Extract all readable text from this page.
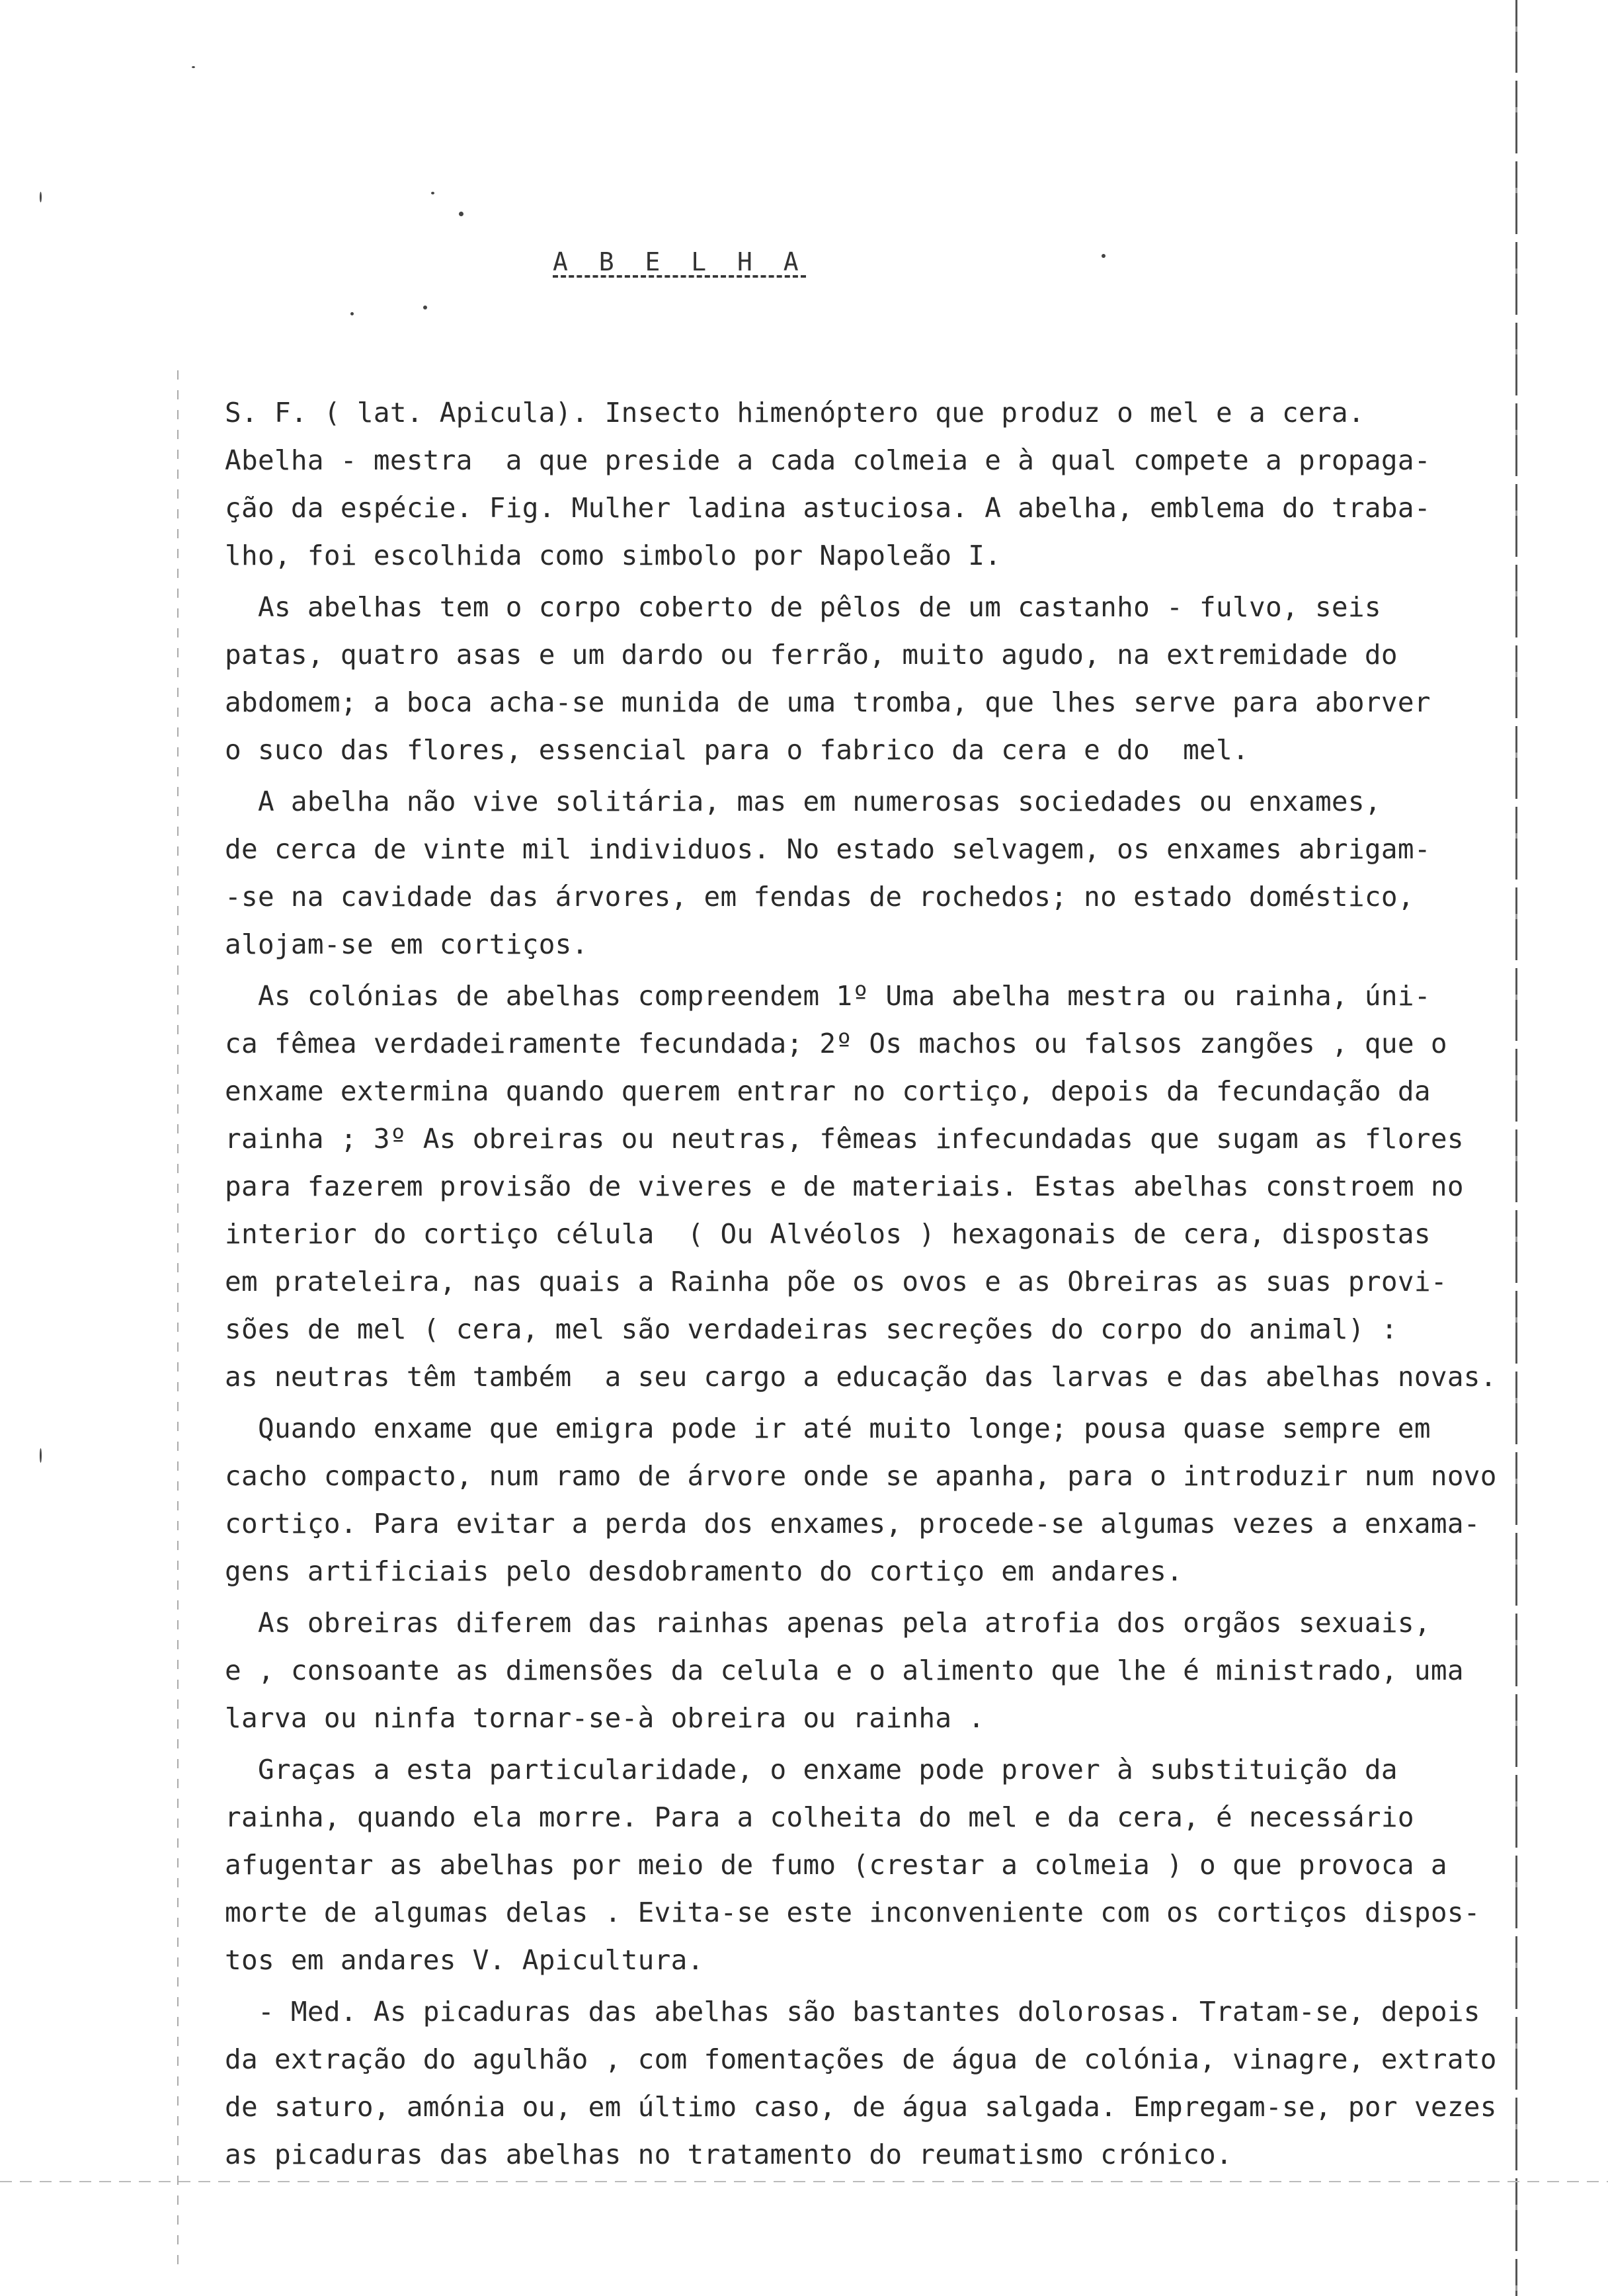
A B E L H A
S. F. ( lat. Apicula). Insecto himenóptero que produz o mel e a cera.
Abelha - mestra  a que preside a cada colmeia e à qual compete a propaga-
ção da espécie. Fig. Mulher ladina astuciosa. A abelha, emblema do traba-
lho, foi escolhida como simbolo por Napoleão I.
As abelhas tem o corpo coberto de pêlos de um castanho - fulvo, seis
patas, quatro asas e um dardo ou ferrão, muito agudo, na extremidade do
abdomem; a boca acha-se munida de uma tromba, que lhes serve para aborver
o suco das flores, essencial para o fabrico da cera e do  mel.
A abelha não vive solitária, mas em numerosas sociedades ou enxames,
de cerca de vinte mil individuos. No estado selvagem, os enxames abrigam-
-se na cavidade das árvores, em fendas de rochedos; no estado doméstico,
alojam-se em cortiços.
As colónias de abelhas compreendem 1º Uma abelha mestra ou rainha, úni-
ca fêmea verdadeiramente fecundada; 2º Os machos ou falsos zangões , que o
enxame extermina quando querem entrar no cortiço, depois da fecundação da
rainha ; 3º As obreiras ou neutras, fêmeas infecundadas que sugam as flores
para fazerem provisão de viveres e de materiais. Estas abelhas constroem no
interior do cortiço célula  ( Ou Alvéolos ) hexagonais de cera, dispostas
em prateleira, nas quais a Rainha põe os ovos e as Obreiras as suas provi-
sões de mel ( cera, mel são verdadeiras secreções do corpo do animal) :
as neutras têm também  a seu cargo a educação das larvas e das abelhas novas.
Quando enxame que emigra pode ir até muito longe; pousa quase sempre em
cacho compacto, num ramo de árvore onde se apanha, para o introduzir num novo
cortiço. Para evitar a perda dos enxames, procede-se algumas vezes a enxama-
gens artificiais pelo desdobramento do cortiço em andares.
As obreiras diferem das rainhas apenas pela atrofia dos orgãos sexuais,
e , consoante as dimensões da celula e o alimento que lhe é ministrado, uma
larva ou ninfa tornar-se-à obreira ou rainha .
Graças a esta particularidade, o enxame pode prover à substituição da
rainha, quando ela morre. Para a colheita do mel e da cera, é necessário
afugentar as abelhas por meio de fumo (crestar a colmeia ) o que provoca a
morte de algumas delas . Evita-se este inconveniente com os cortiços dispos-
tos em andares V. Apicultura.
- Med. As picaduras das abelhas são bastantes dolorosas. Tratam-se, depois
da extração do agulhão , com fomentações de água de colónia, vinagre, extrato
de saturo, amónia ou, em último caso, de água salgada. Empregam-se, por vezes
as picaduras das abelhas no tratamento do reumatismo crónico.
